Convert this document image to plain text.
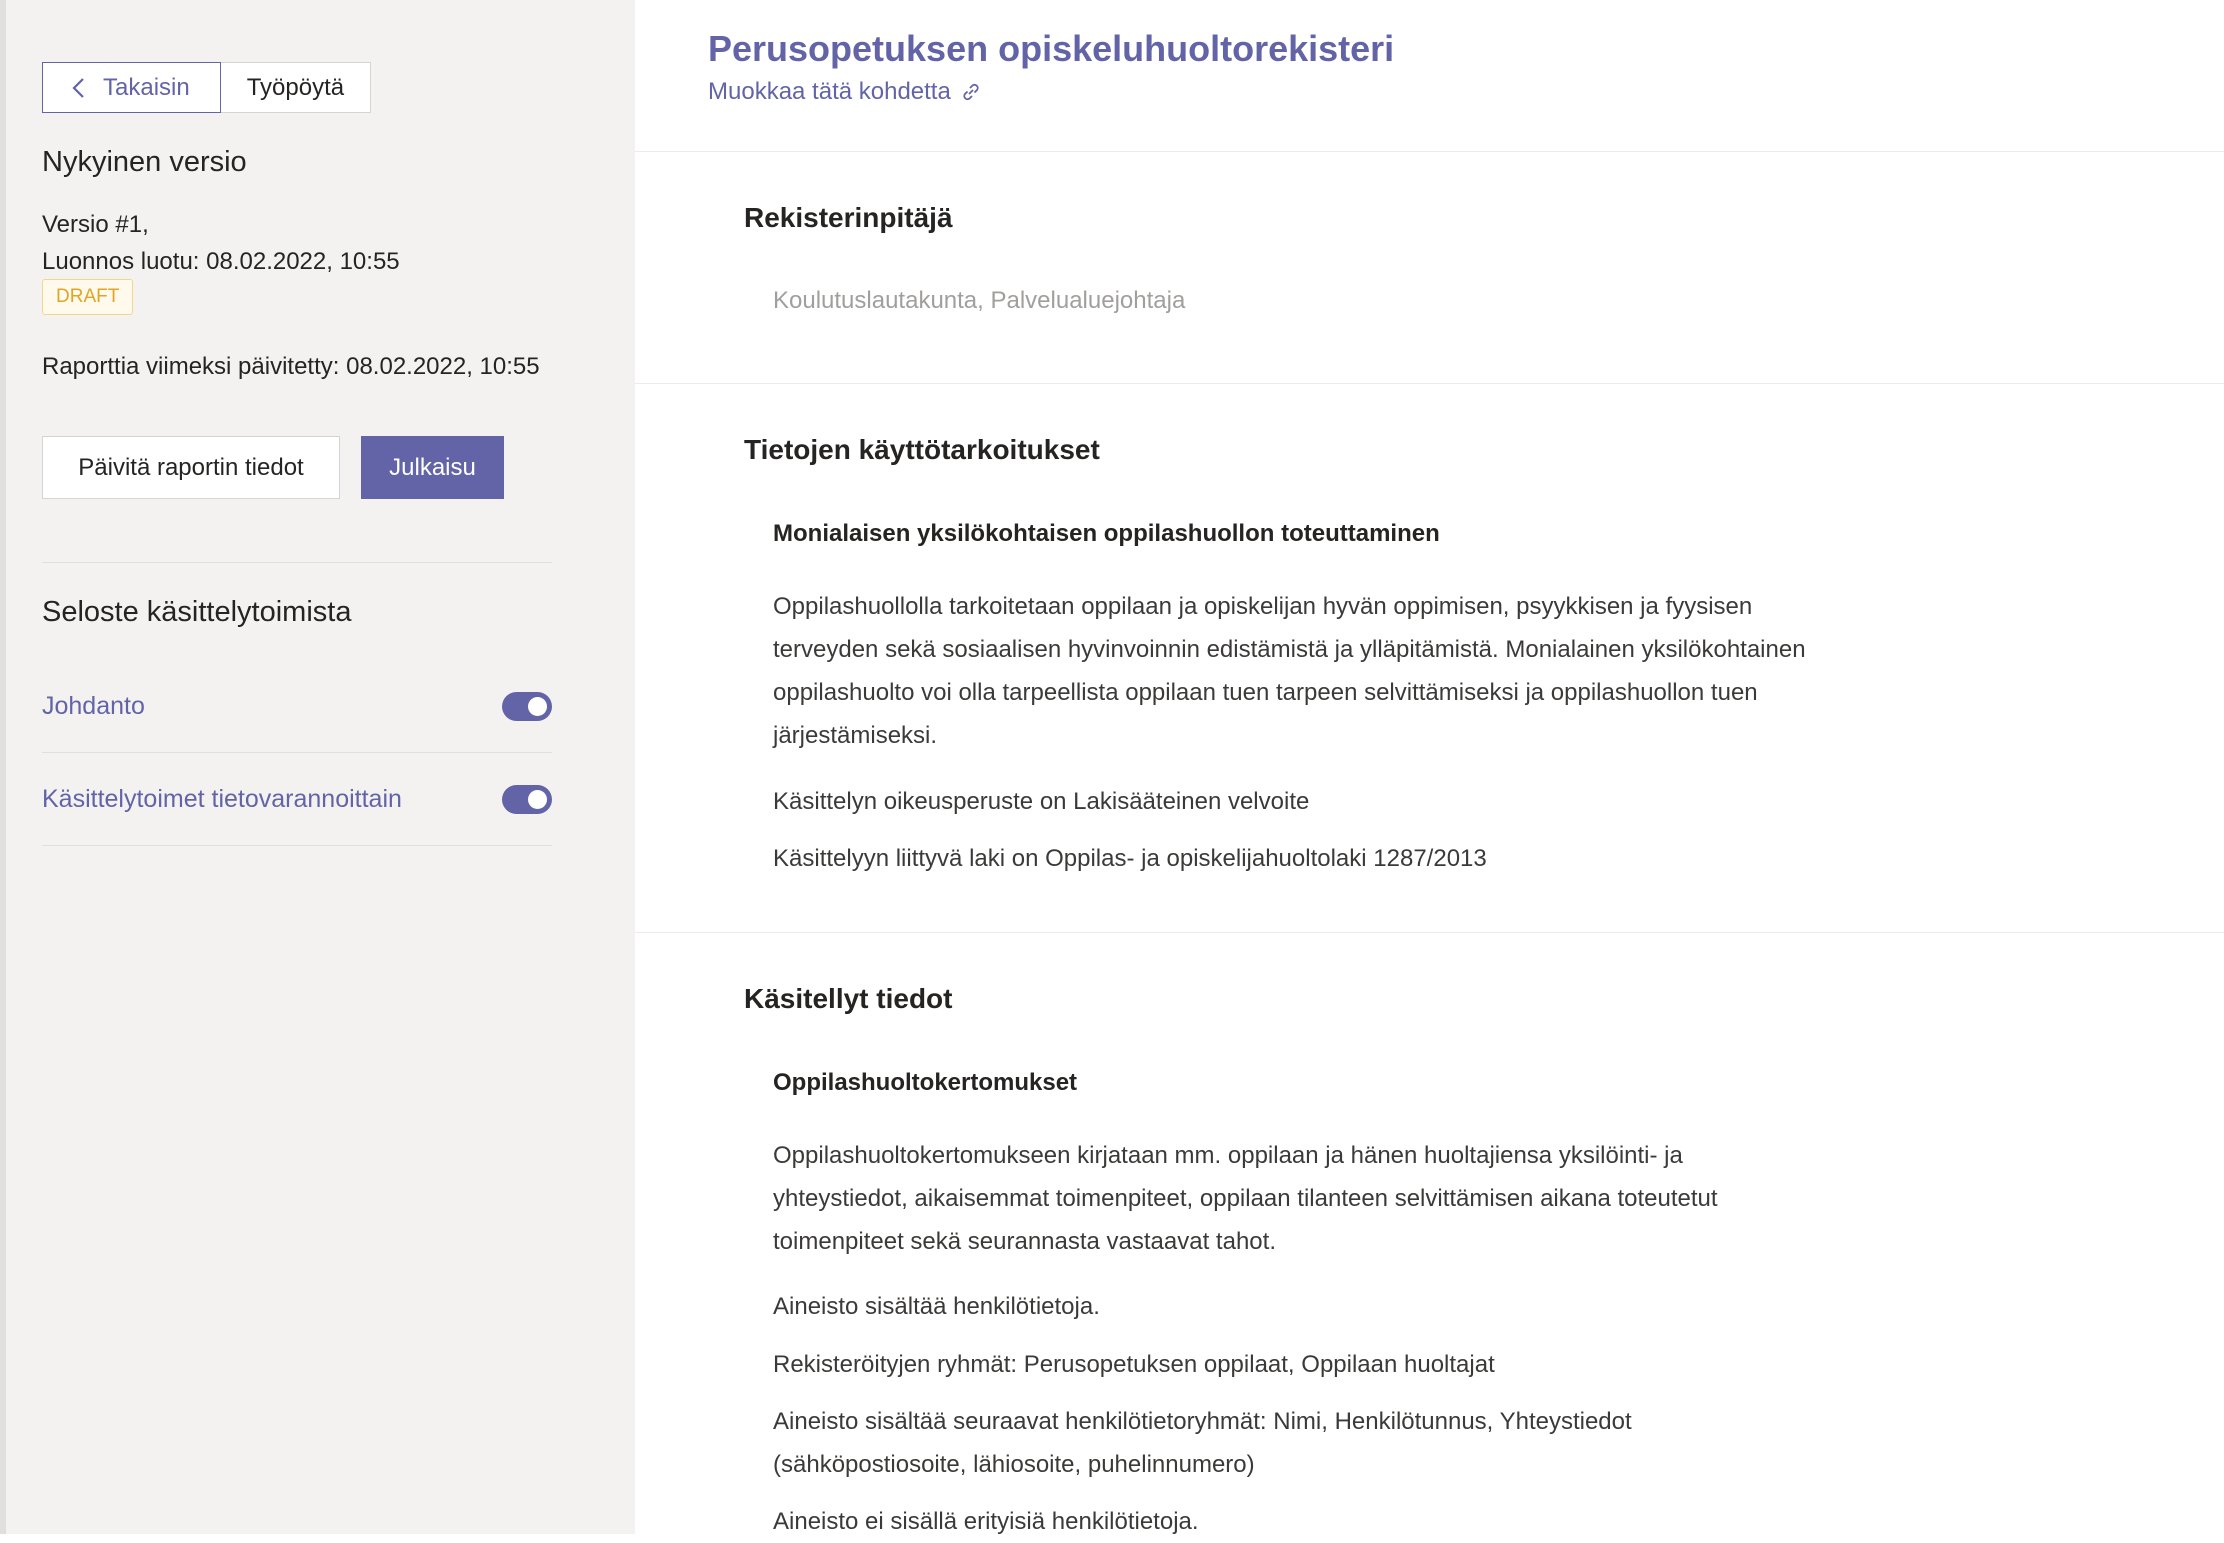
Takaisin	Työpöytä
Nykyinen versio
Versio #1,
Luonnos luotu: 08.02.2022, 10:55
DRAFT
Raporttia viimeksi päivitetty: 08.02.2022, 10:55
Päivitä raportin tiedot	Julkaisu
Seloste käsittelytoimista
Johdanto
Käsittelytoimet tietovarannoittain
Perusopetuksen opiskeluhuoltorekisteri
Muokkaa tätä kohdetta
Rekisterinpitäjä
Koulutuslautakunta, Palvelualuejohtaja
Tietojen käyttötarkoitukset
Monialaisen yksilökohtaisen oppilashuollon toteuttaminen
Oppilashuollolla tarkoitetaan oppilaan ja opiskelijan hyvän oppimisen, psyykkisen ja fyysisen terveyden sekä sosiaalisen hyvinvoinnin edistämistä ja ylläpitämistä. Monialainen yksilökohtainen oppilashuolto voi olla tarpeellista oppilaan tuen tarpeen selvittämiseksi ja oppilashuollon tuen järjestämiseksi.
Käsittelyn oikeusperuste on Lakisääteinen velvoite
Käsittelyyn liittyvä laki on Oppilas- ja opiskelijahuoltolaki 1287/2013
Käsitellyt tiedot
Oppilashuoltokertomukset
Oppilashuoltokertomukseen kirjataan mm. oppilaan ja hänen huoltajiensa yksilöinti- ja yhteystiedot, aikaisemmat toimenpiteet, oppilaan tilanteen selvittämisen aikana toteutetut toimenpiteet sekä seurannasta vastaavat tahot.
Aineisto sisältää henkilötietoja.
Rekisteröityjen ryhmät: Perusopetuksen oppilaat, Oppilaan huoltajat
Aineisto sisältää seuraavat henkilötietoryhmät: Nimi, Henkilötunnus, Yhteystiedot (sähköpostiosoite, lähiosoite, puhelinnumero)
Aineisto ei sisällä erityisiä henkilötietoja.
